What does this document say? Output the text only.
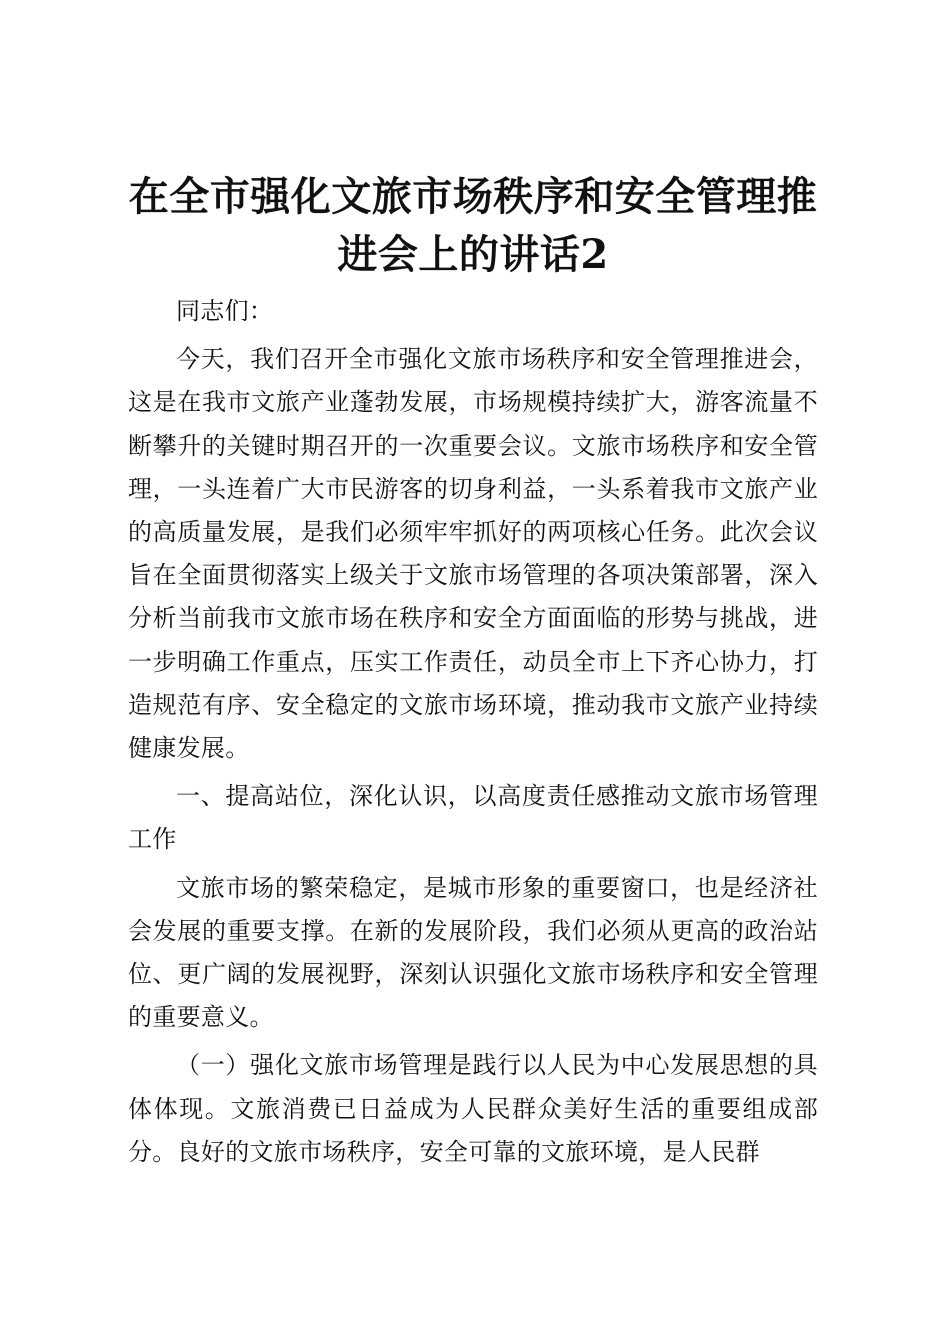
在全市强化文旅市场秩序和安全管理推进会上的讲话2

同志们：

今天，我们召开全市强化文旅市场秩序和安全管理推进会，这是在我市文旅产业蓬勃发展，市场规模持续扩大，游客流量不断攀升的关键时期召开的一次重要会议。文旅市场秩序和安全管理，一头连着广大市民游客的切身利益，一头系着我市文旅产业的高质量发展，是我们必须牢牢抓好的两项核心任务。此次会议旨在全面贯彻落实上级关于文旅市场管理的各项决策部署，深入分析当前我市文旅市场在秩序和安全方面面临的形势与挑战，进一步明确工作重点，压实工作责任，动员全市上下齐心协力，打造规范有序、安全稳定的文旅市场环境，推动我市文旅产业持续健康发展。

一、提高站位，深化认识，以高度责任感推动文旅市场管理工作

文旅市场的繁荣稳定，是城市形象的重要窗口，也是经济社会发展的重要支撑。在新的发展阶段，我们必须从更高的政治站位、更广阔的发展视野，深刻认识强化文旅市场秩序和安全管理的重要意义。

（一）强化文旅市场管理是践行以人民为中心发展思想的具体体现。文旅消费已日益成为人民群众美好生活的重要组成部分。良好的文旅市场秩序，安全可靠的文旅环境，是人民群
